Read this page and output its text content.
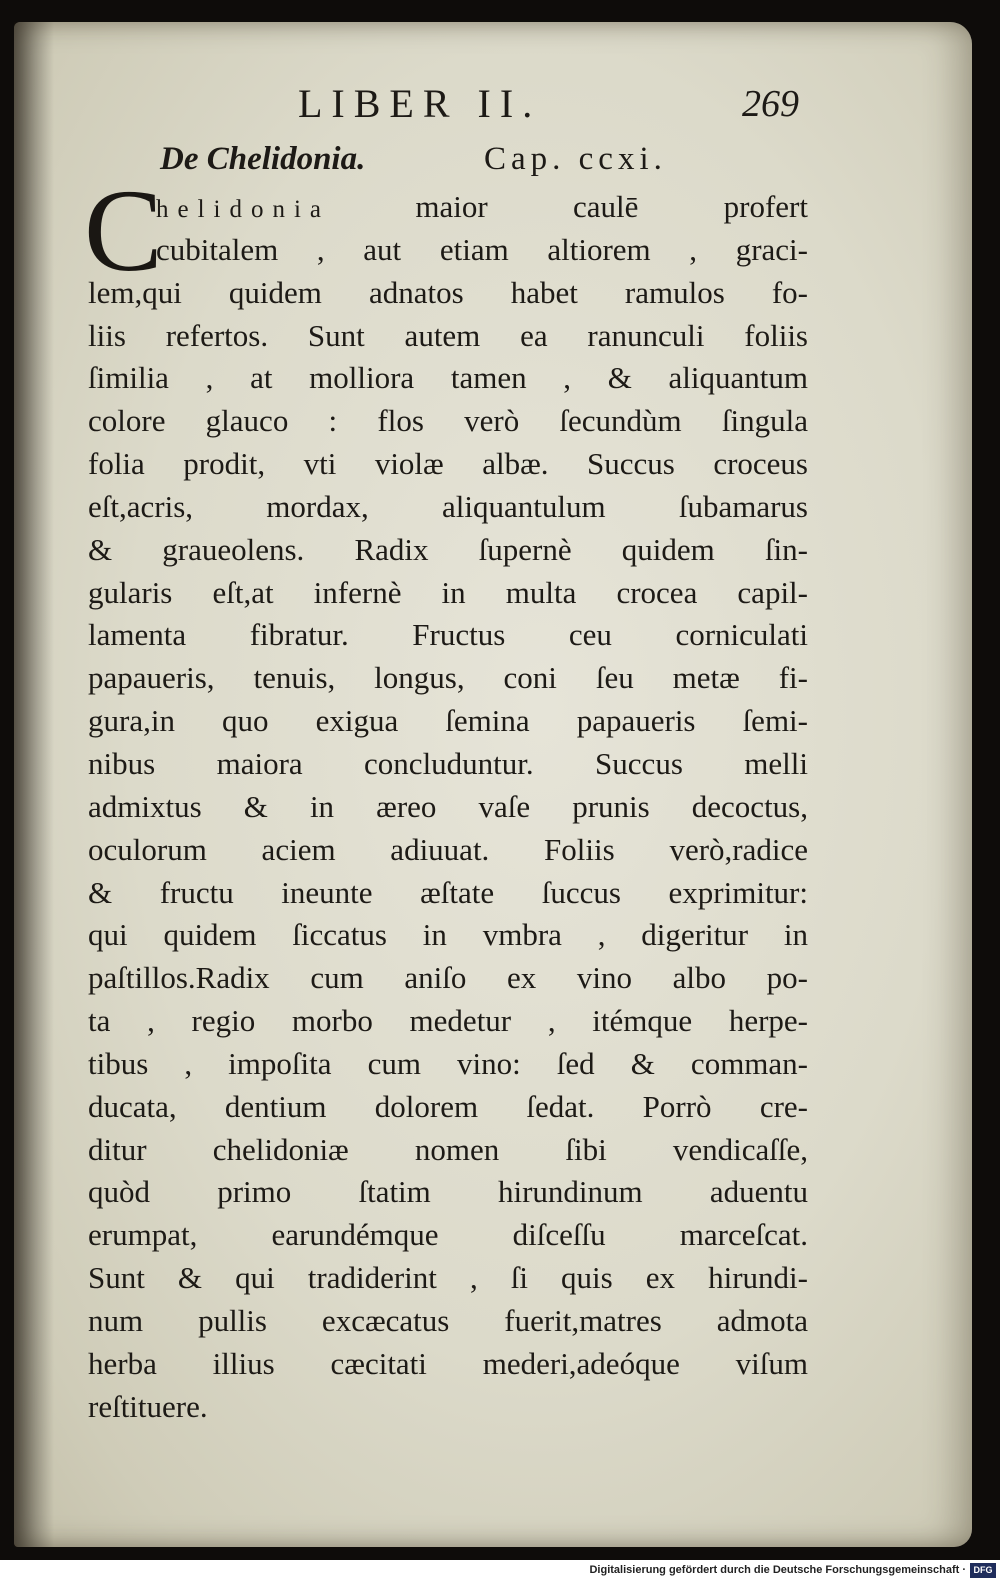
LIBER II.	269
De Chelidonia.	Cap. ccxi.
C
helidonia maior caulē profert
cubitalem , aut etiam altiorem , graci-
lem,qui quidem adnatos habet ramulos fo-
liis refertos. Sunt autem ea ranunculi foliis
ſimilia , at molliora tamen , & aliquantum
colore glauco : flos verò ſecundùm ſingula
folia prodit, vti violæ albæ. Succus croceus
eſt,acris, mordax, aliquantulum ſubamarus
& graueolens. Radix ſupernè quidem ſin-
gularis eſt,at infernè in multa crocea capil-
lamenta fibratur. Fructus ceu corniculati
papaueris, tenuis, longus, coni ſeu metæ fi-
gura,in quo exigua ſemina papaueris ſemi-
nibus maiora concluduntur. Succus melli
admixtus & in æreo vaſe prunis decoctus,
oculorum aciem adiuuat. Foliis verò,radice
& fructu ineunte æſtate ſuccus exprimitur:
qui quidem ſiccatus in vmbra , digeritur in
paſtillos.Radix cum aniſo ex vino albo po-
ta , regio morbo medetur , itémque herpe-
tibus , impoſita cum vino: ſed & comman-
ducata, dentium dolorem ſedat. Porrò cre-
ditur chelidoniæ nomen ſibi vendicaſſe,
quòd primo ſtatim hirundinum aduentu
erumpat, earundémque diſceſſu marceſcat.
Sunt & qui tradiderint , ſi quis ex hirundi-
num pullis excæcatus fuerit,matres admota
herba illius cæcitati mederi,adeóque viſum
reſtituere.
Digitalisierung gefördert durch die Deutsche Forschungsgemeinschaft · DFG
